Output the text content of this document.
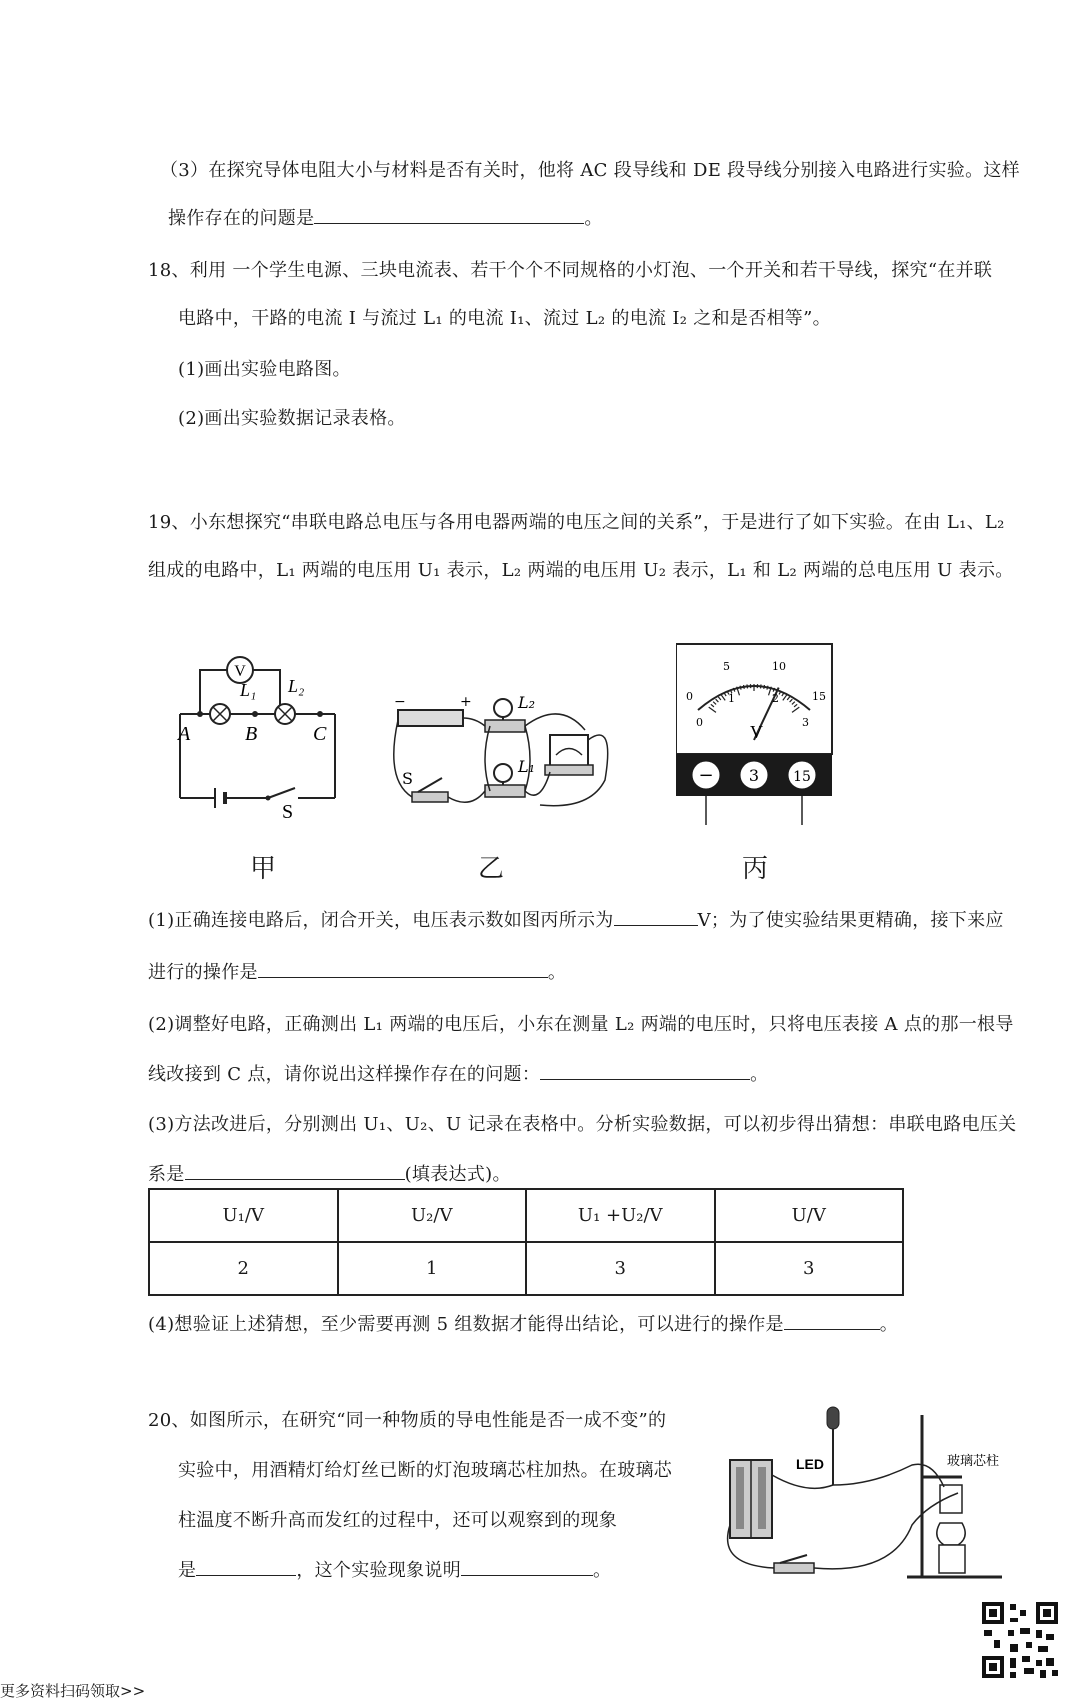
（3）在探究导体电阻大小与材料是否有关时，他将 AC 段导线和 DE 段导线分别接入电路进行实验。这样
操作存在的问题是	。
18、利用 一个学生电源、三块电流表、若干个个不同规格的小灯泡、一个开关和若干导线，探究“在并联
电路中，干路的电流 I 与流过 L₁ 的电流 I₁、流过 L₂ 的电流 I₂ 之和是否相等”。
(1)画出实验电路图。
(2)画出实验数据记录表格。
19、小东想探究“串联电路总电压与各用电器两端的电压之间的关系”，于是进行了如下实验。在由 L₁、L₂
组成的电路中，L₁ 两端的电压用 U₁ 表示，L₂ 两端的电压用 U₂ 表示，L₁ 和 L₂ 两端的总电压用 U 表示。
V
L₁ L₂
A	B	C
S
甲
−	+	L₂
L₁
S
乙
V
0
5	10
15
0
1	2
3
− 3 15
丙
(1)正确连接电路后，闭合开关，电压表示数如图丙所示为	V；为了使实验结果更精确，接下来应
进行的操作是	。
(2)调整好电路，正确测出 L₁ 两端的电压后，小东在测量 L₂ 两端的电压时，只将电压表接 A 点的那一根导
线改接到 C 点，请你说出这样操作存在的问题：	。
(3)方法改进后，分别测出 U₁、U₂、U 记录在表格中。分析实验数据，可以初步得出猜想：串联电路电压关
系是	(填表达式)。
U₁/V	U₂/V	U₁ +U₂/V	U/V
2	1	3	3
(4)想验证上述猜想，至少需要再测 5 组数据才能得出结论，可以进行的操作是	。
20、如图所示，在研究“同一种物质的导电性能是否一成不变”的
实验中，用酒精灯给灯丝已断的灯泡玻璃芯柱加热。在玻璃芯
柱温度不断升高而发红的过程中，还可以观察到的现象
是	，这个实验现象说明	。
LED	玻璃芯柱
更多资料扫码领取>>
